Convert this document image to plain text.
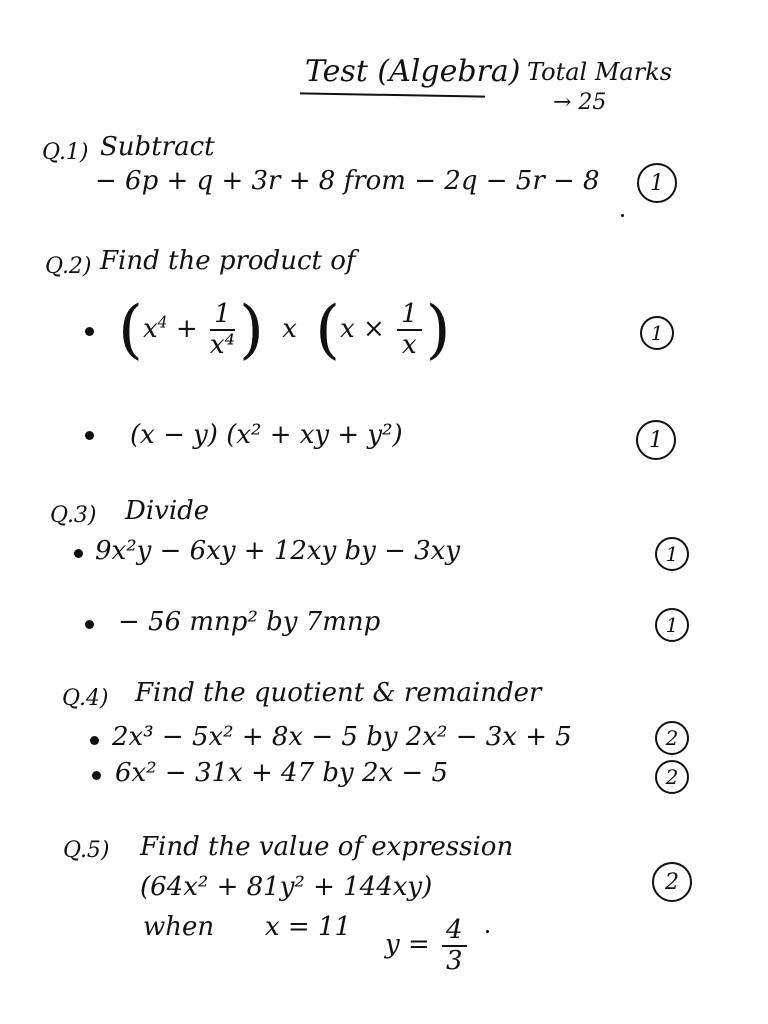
Test (Algebra) Total Marks
→ 25
Q.1) Subtract
− 6p + q + 3r + 8 from − 2q − 5r − 8 1
Q.2) Find the product of
($x^4 + \frac{1}{\text{x⁴}}$ ) x ($x \times \frac{1}{x}$ )	1
(x − y) (x² + xy + y²)	1
Q.3) Divide
9x²y − 6xy + 12xy by − 3xy	1
− 56 mnp² by 7mnp	1
Q.4) Find the quotient & remainder
2x³ − 5x² + 8x − 5 by 2x² − 3x + 5	2
6x² − 31x + 47 by 2x − 5	2
Q.5) Find the value of expression
(64x² + 81y² + 144xy)	2
when x = 11
$y = \frac{4}{3}$
